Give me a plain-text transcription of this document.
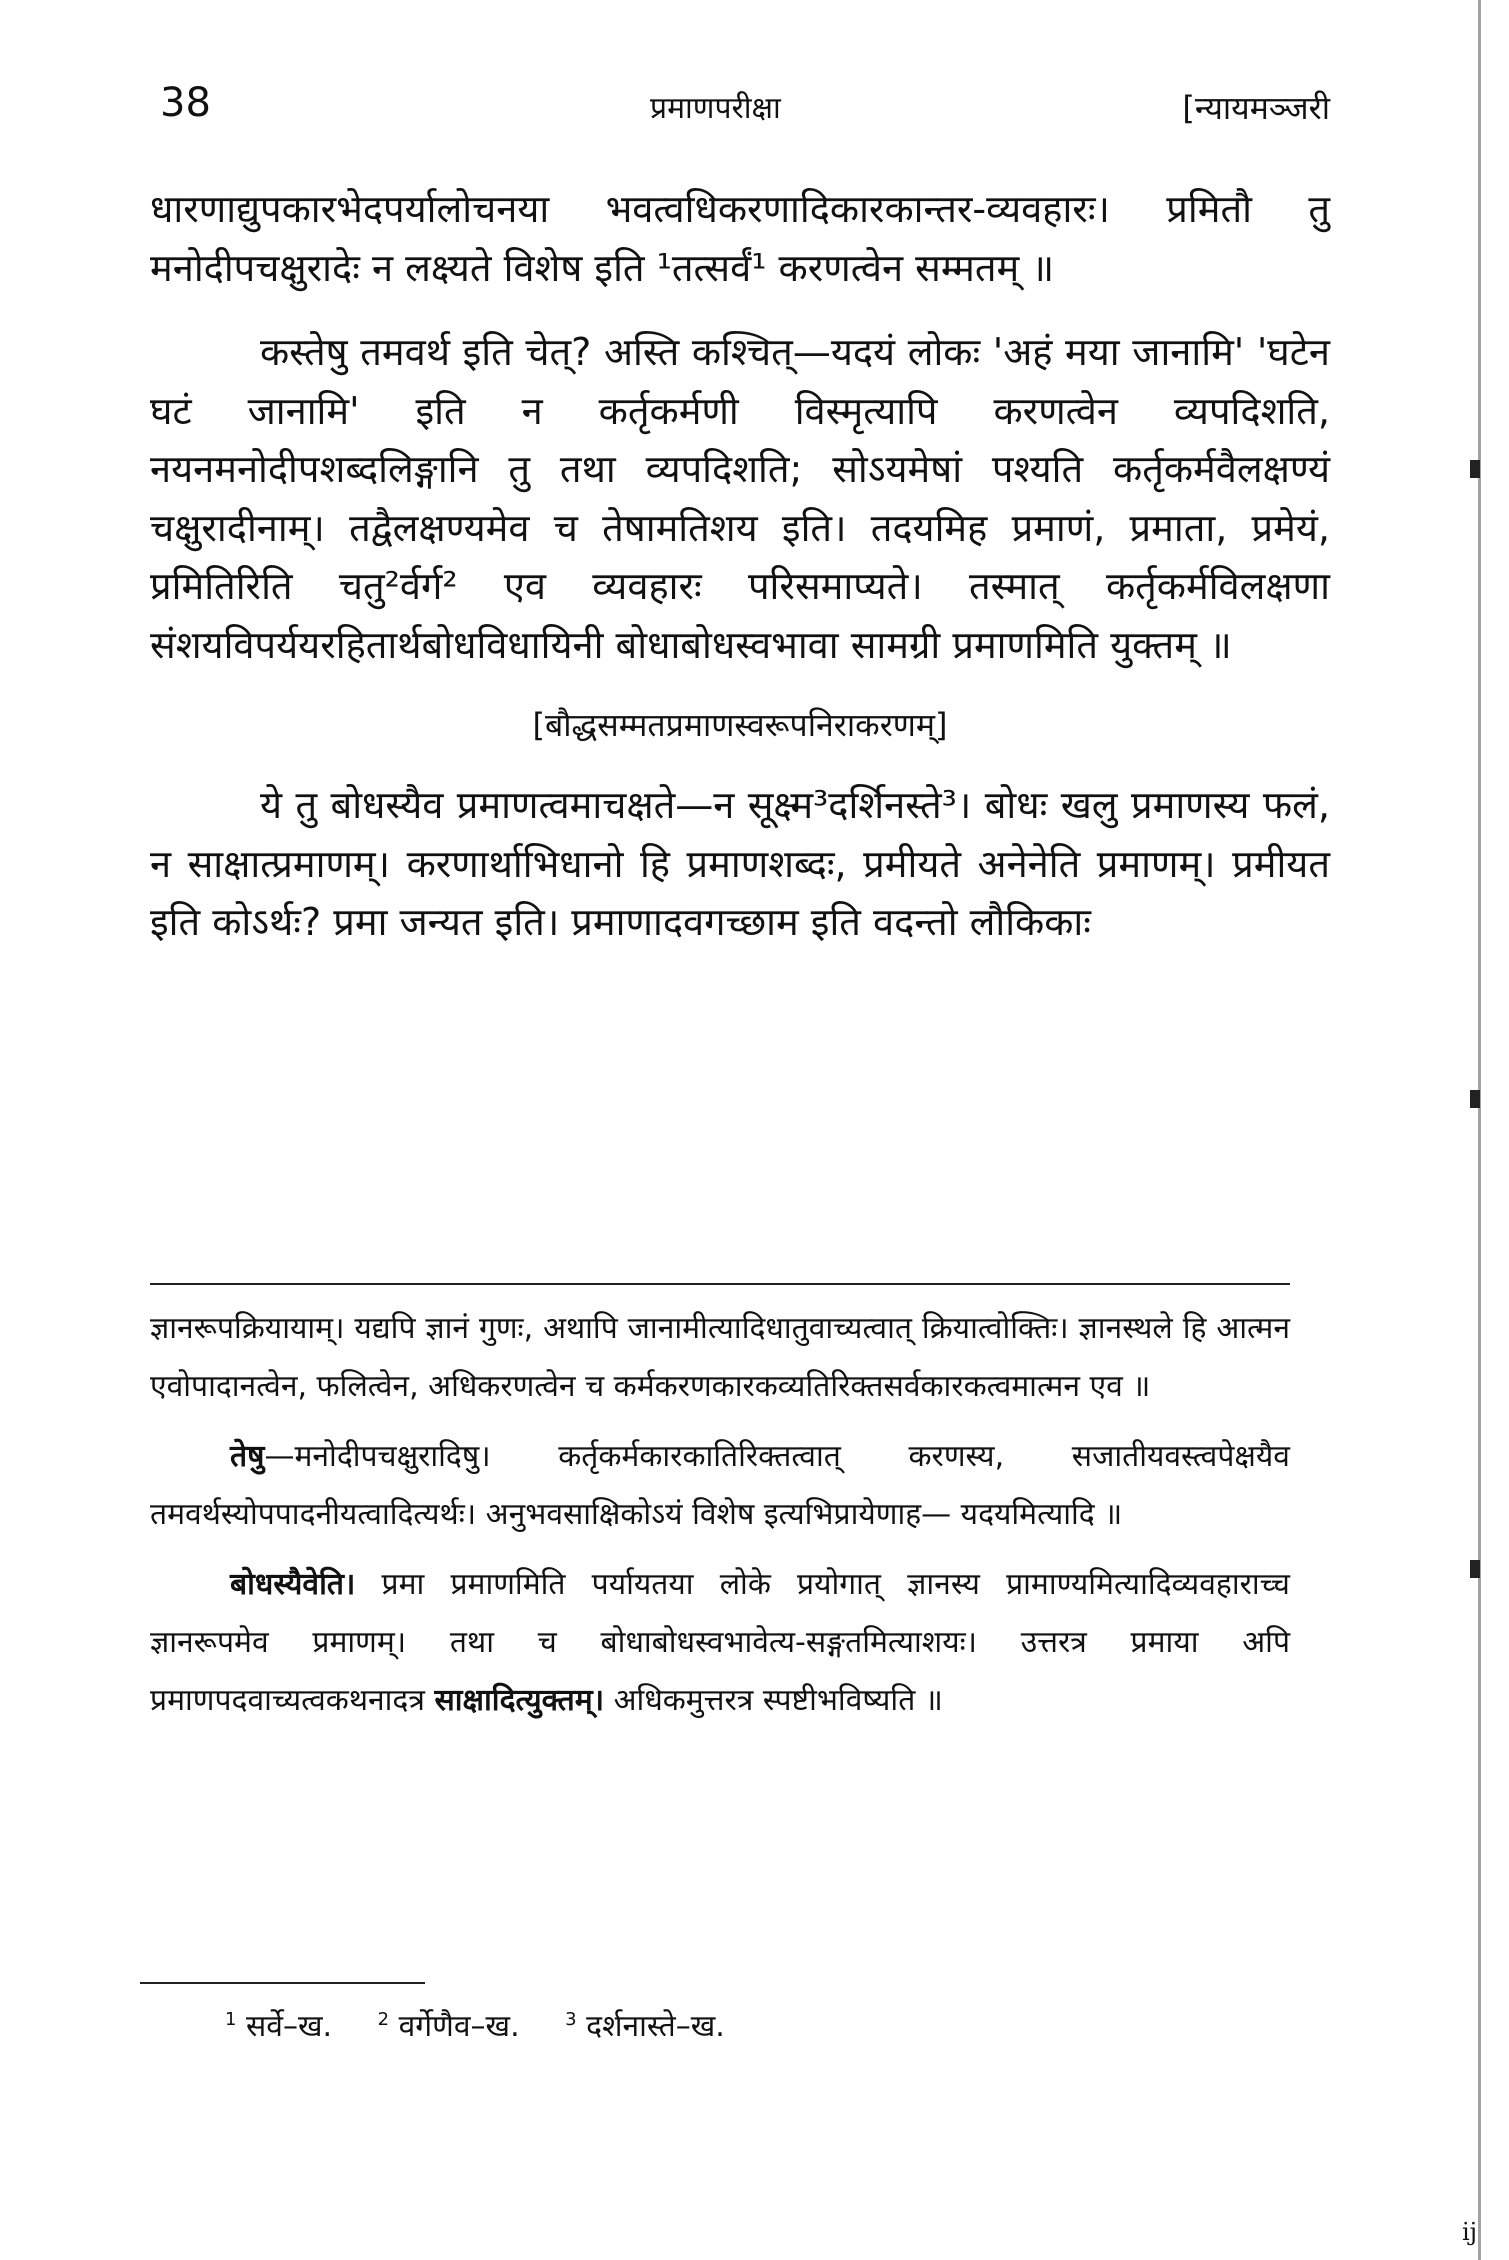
38	प्रमाणपरीक्षा	[न्यायमञ्जरी

धारणाद्युपकारभेदपर्यालोचनया भवत्वधिकरणादिकारकान्तर-व्यवहारः। प्रमितौ तु मनोदीपचक्षुरादेः न लक्ष्यते विशेष इति ¹तत्सर्वं¹ करणत्वेन सम्मतम् ॥

कस्तेषु तमवर्थ इति चेत्? अस्ति कश्चित्—यदयं लोकः 'अहं मया जानामि' 'घटेन घटं जानामि' इति न कर्तृकर्मणी विस्मृत्यापि करणत्वेन व्यपदिशति, नयनमनोदीपशब्दलिङ्गानि तु तथा व्यपदिशति; सोऽयमेषां पश्यति कर्तृकर्मवैलक्षण्यं चक्षुरादीनाम्। तद्वैलक्षण्यमेव च तेषामतिशय इति। तदयमिह प्रमाणं, प्रमाता, प्रमेयं, प्रमितिरिति चतु²र्वर्ग² एव व्यवहारः परिसमाप्यते। तस्मात् कर्तृकर्मविलक्षणा संशयविपर्ययरहितार्थबोधविधायिनी बोधाबोधस्वभावा सामग्री प्रमाणमिति युक्तम् ॥

[बौद्धसम्मतप्रमाणस्वरूपनिराकरणम्]

ये तु बोधस्यैव प्रमाणत्वमाचक्षते—न सूक्ष्म³दर्शिनस्ते³। बोधः खलु प्रमाणस्य फलं, न साक्षात्प्रमाणम्। करणार्थाभिधानो हि प्रमाणशब्दः, प्रमीयते अनेनेति प्रमाणम्। प्रमीयत इति कोऽर्थः? प्रमा जन्यत इति। प्रमाणादवगच्छाम इति वदन्तो लौकिकाः

ज्ञानरूपक्रियायाम्। यद्यपि ज्ञानं गुणः, अथापि जानामीत्यादिधातुवाच्यत्वात् क्रियात्वोक्तिः। ज्ञानस्थले हि आत्मन एवोपादानत्वेन, फलित्वेन, अधिकरणत्वेन च कर्मकरणकारकव्यतिरिक्तसर्वकारकत्वमात्मन एव ॥

तेषु—मनोदीपचक्षुरादिषु। कर्तृकर्मकारकातिरिक्तत्वात् करणस्य, सजातीयवस्त्वपेक्षयैव तमवर्थस्योपपादनीयत्वादित्यर्थः। अनुभवसाक्षिकोऽयं विशेष इत्यभिप्रायेणाह— यदयमित्यादि ॥

बोधस्यैवेति। प्रमा प्रमाणमिति पर्यायतया लोके प्रयोगात् ज्ञानस्य प्रामाण्यमित्यादिव्यवहाराच्च ज्ञानरूपमेव प्रमाणम्। तथा च बोधाबोधस्वभावेत्य-सङ्गतमित्याशयः। उत्तरत्र प्रमाया अपि प्रमाणपदवाच्यत्वकथनादत्र साक्षादित्युक्तम्। अधिकमुत्तरत्र स्पष्टीभविष्यति ॥

$^1$ सर्वे–ख.	$^2$ वर्गेणैव–ख.	$^3$ दर्शनास्ते–ख.
ij
